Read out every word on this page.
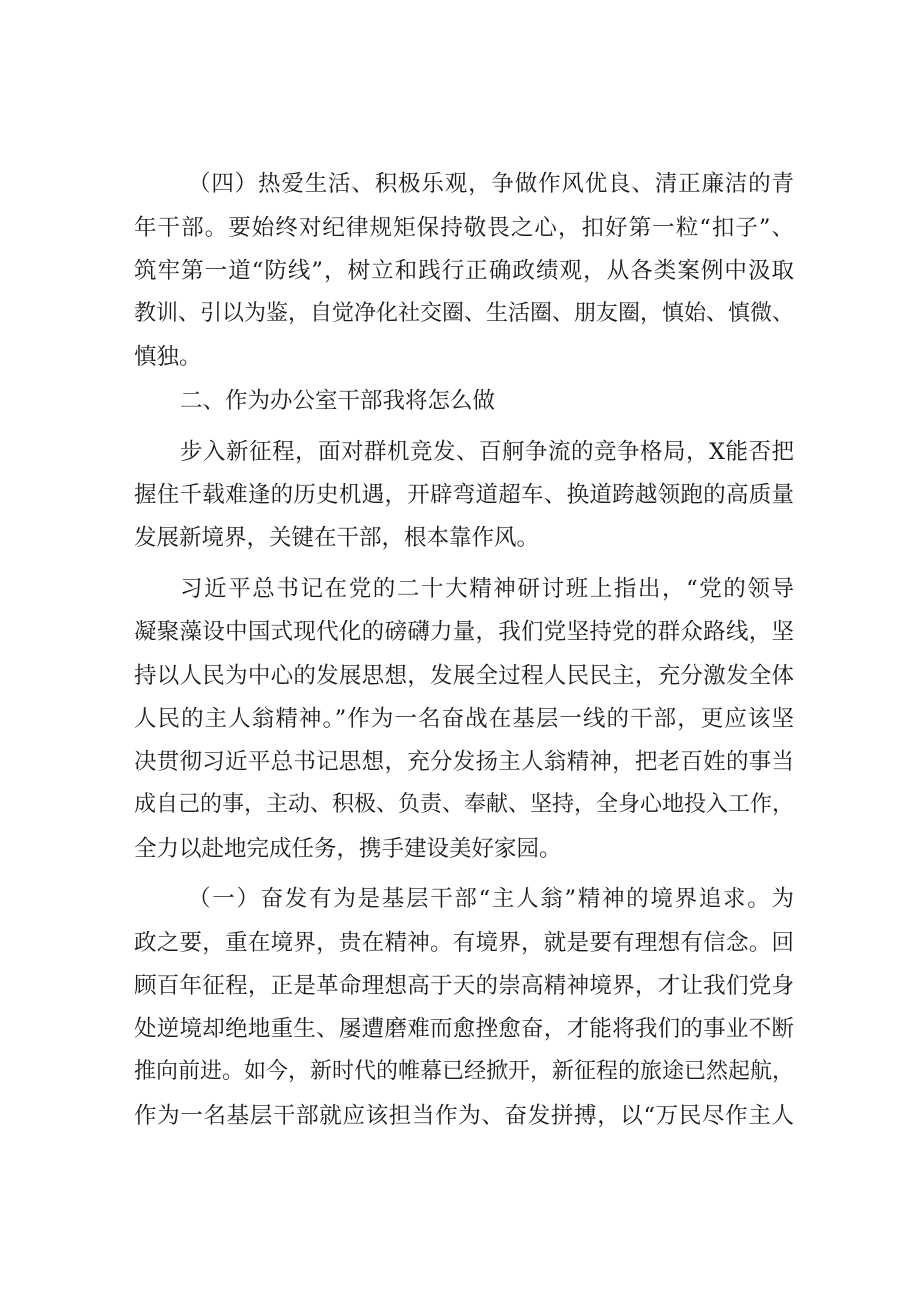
（四）热爱生活、积极乐观，争做作风优良、清正廉洁的青
年干部。要始终对纪律规矩保持敬畏之心，扣好第一粒“扣子”、
筑牢第一道“防线”，树立和践行正确政绩观，从各类案例中汲取
教训、引以为鉴，自觉净化社交圈、生活圈、朋友圈，慎始、慎微、
慎独。
二、作为办公室干部我将怎么做
步入新征程，面对群机竞发、百舸争流的竞争格局，X能否把
握住千载难逢的历史机遇，开辟弯道超车、换道跨越领跑的高质量
发展新境界，关键在干部，根本靠作风。
习近平总书记在党的二十大精神研讨班上指出，“党的领导
凝聚藻设中国式现代化的磅礴力量，我们党坚持党的群众路线，坚
持以人民为中心的发展思想，发展全过程人民民主，充分激发全体
人民的主人翁精神。”作为一名奋战在基层一线的干部，更应该坚
决贯彻习近平总书记思想，充分发扬主人翁精神，把老百姓的事当
成自己的事，主动、积极、负责、奉献、坚持，全身心地投入工作，
全力以赴地完成任务，携手建设美好家园。
（一）奋发有为是基层干部“主人翁”精神的境界追求。为
政之要，重在境界，贵在精神。有境界，就是要有理想有信念。回
顾百年征程，正是革命理想高于天的崇高精神境界，才让我们党身
处逆境却绝地重生、屡遭磨难而愈挫愈奋，才能将我们的事业不断
推向前进。如今，新时代的帷幕已经掀开，新征程的旅途已然起航，
作为一名基层干部就应该担当作为、奋发拼搏，以“万民尽作主人
